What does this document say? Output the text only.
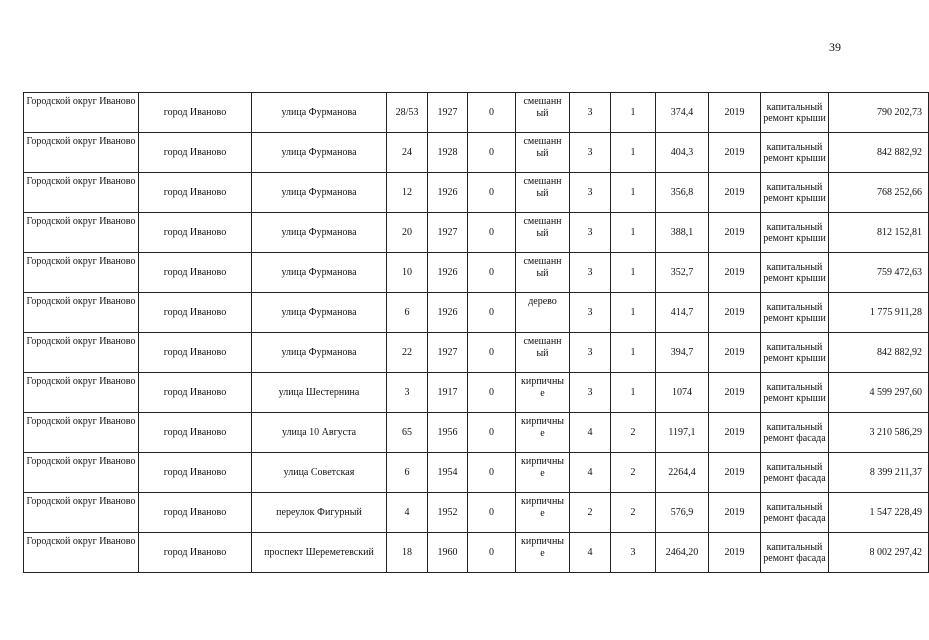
39
Городской округ Иваново	город Иваново	улица Фурманова	28/53	1927	0	смешанный	3	1	374,4	2019	капитальный ремонт крыши	790 202,73
Городской округ Иваново	город Иваново	улица Фурманова	24	1928	0	смешанный	3	1	404,3	2019	капитальный ремонт крыши	842 882,92
Городской округ Иваново	город Иваново	улица Фурманова	12	1926	0	смешанный	3	1	356,8	2019	капитальный ремонт крыши	768 252,66
Городской округ Иваново	город Иваново	улица Фурманова	20	1927	0	смешанный	3	1	388,1	2019	капитальный ремонт крыши	812 152,81
Городской округ Иваново	город Иваново	улица Фурманова	10	1926	0	смешанный	3	1	352,7	2019	капитальный ремонт крыши	759 472,63
Городской округ Иваново	город Иваново	улица Фурманова	6	1926	0	дерево	3	1	414,7	2019	капитальный ремонт крыши	1 775 911,28
Городской округ Иваново	город Иваново	улица Фурманова	22	1927	0	смешанный	3	1	394,7	2019	капитальный ремонт крыши	842 882,92
Городской округ Иваново	город Иваново	улица Шестернина	3	1917	0	кирпичные	3	1	1074	2019	капитальный ремонт крыши	4 599 297,60
Городской округ Иваново	город Иваново	улица 10 Августа	65	1956	0	кирпичные	4	2	1197,1	2019	капитальный ремонт фасада	3 210 586,29
Городской округ Иваново	город Иваново	улица Советская	6	1954	0	кирпичные	4	2	2264,4	2019	капитальный ремонт фасада	8 399 211,37
Городской округ Иваново	город Иваново	переулок Фигурный	4	1952	0	кирпичные	2	2	576,9	2019	капитальный ремонт фасада	1 547 228,49
Городской округ Иваново	город Иваново	проспект Шереметевский	18	1960	0	кирпичные	4	3	2464,20	2019	капитальный ремонт фасада	8 002 297,42
